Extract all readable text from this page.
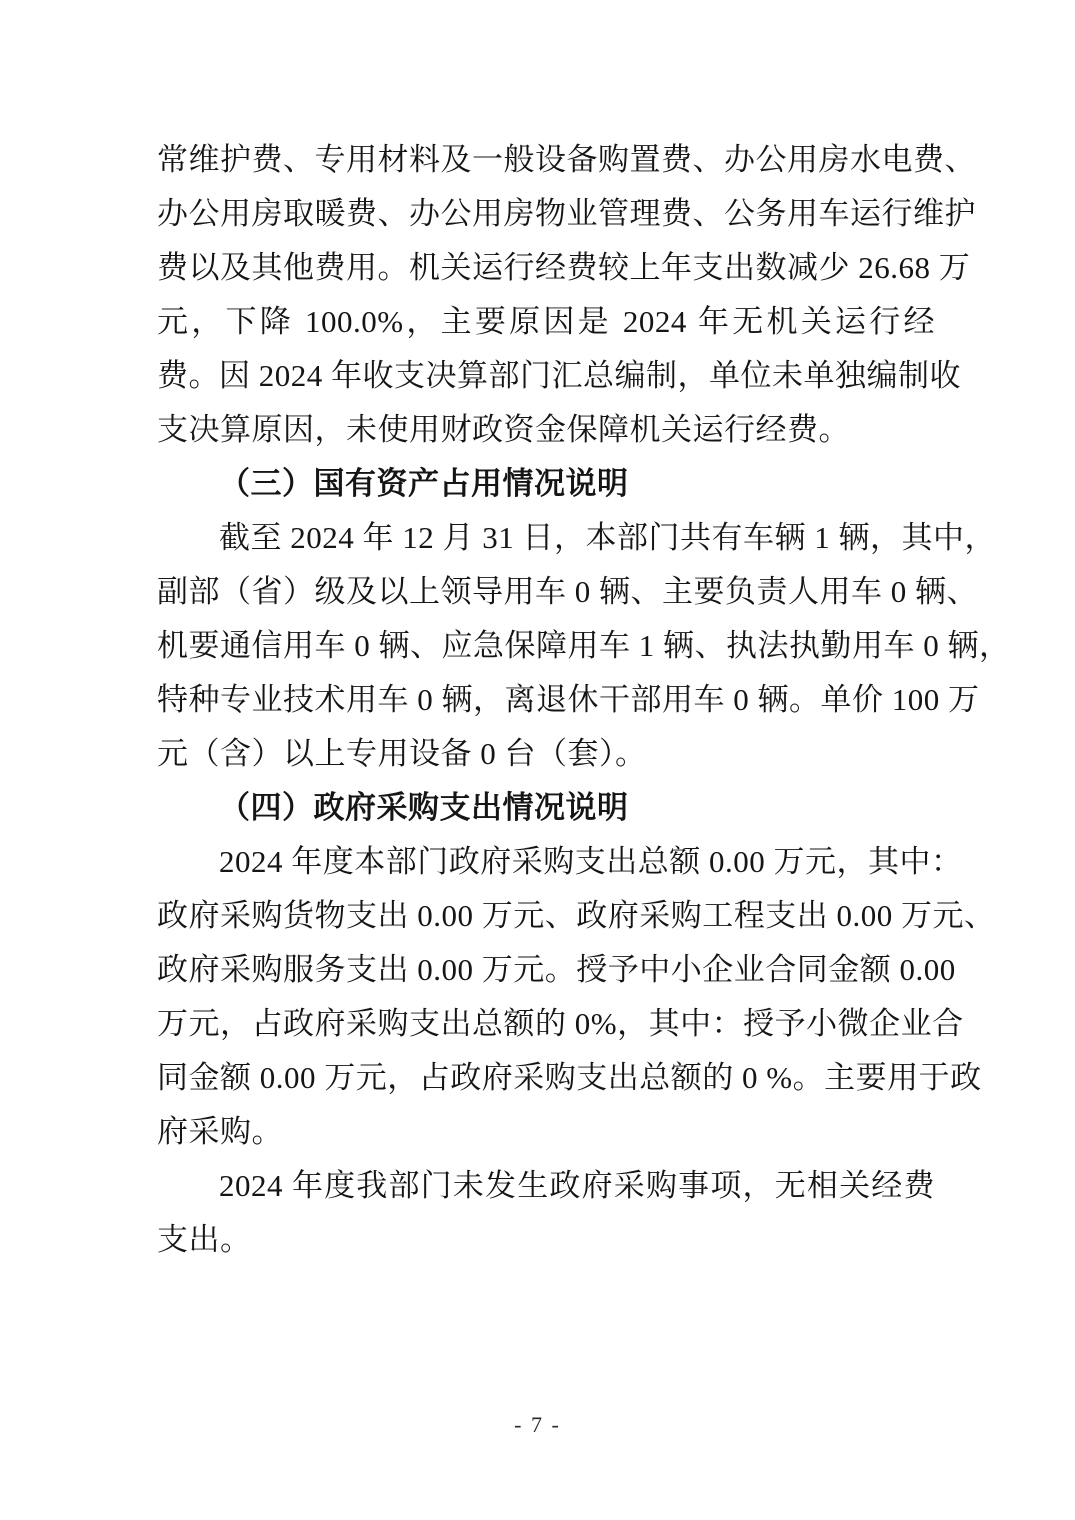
常维护费、专用材料及一般设备购置费、办公用房水电费、
办公用房取暖费、办公用房物业管理费、公务用车运行维护
费以及其他费用。机关运行经费较上年支出数减少 26.68 万
元，下降 100.0%，主要原因是 2024 年无机关运行经费。 因 2024 年收支决算部门汇总编制，单位未单独编制收
支决算原因，未使用财政资金保障机关运行经费。
（三）国有资产占用情况说明
截至 2024 年 12 月 31 日，本部门共有车辆 1 辆，其中，
副部（省）级及以上领导用车 0 辆、主要负责人用车 0 辆、
机要通信用车 0 辆、应急保障用车 1 辆、执法执勤用车 0 辆，
特种专业技术用车 0 辆，离退休干部用车 0 辆。单价 100 万
元（含）以上专用设备 0 台（套）。
（四）政府采购支出情况说明
2024 年度本部门政府采购支出总额 0.00 万元，其中：
政府采购货物支出 0.00 万元、政府采购工程支出 0.00 万元、
政府采购服务支出 0.00 万元。授予中小企业合同金额 0.00
万元，占政府采购支出总额的 0%，其中：授予小微企业合
同金额 0.00 万元，占政府采购支出总额的 0 %。主要用于政
府采购。
2024 年度我部门未发生政府采购事项，无相关经费支出。
- 7 -
